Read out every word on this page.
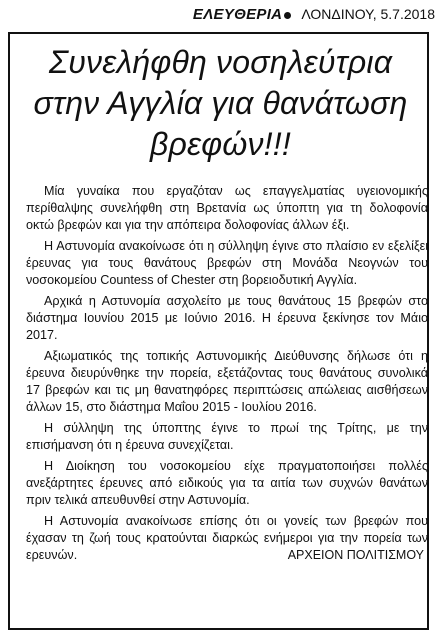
ΕΛΕΥΘΕΡΙΑ	ΛΟΝΔΙΝΟΥ, 5.7.2018
Συνελήφθη νοσηλεύτρια
στην Αγγλία για θανάτωση
βρεφών!!!

Μία γυναίκα που εργαζόταν ως επαγγελματίας υγειονομικής περίθαλψης συνελήφθη στη Βρετανία ως ύποπτη για τη δολοφονία οκτώ βρεφών και για την απόπειρα δολοφονίας άλλων έξι.

Η Αστυνομία ανακοίνωσε ότι η σύλληψη έγινε στο πλαίσιο εν εξελίξει έρευνας για τους θανάτους βρεφών στη Μονάδα Νεογνών του νοσοκομείου Countess of Chester στη βορειοδυτική Αγγλία.

Αρχικά η Αστυνομία ασχολείτο με τους θανάτους 15 βρεφών στο διάστημα Ιουνίου 2015 με Ιούνιο 2016. Η έρευνα ξεκίνησε τον Μάιο 2017.

Αξιωματικός της τοπικής Αστυνομικής Διεύθυνσης δήλωσε ότι η έρευνα διευρύνθηκε την πορεία, εξετάζοντας τους θανάτους συνολικά 17 βρεφών και τις μη θανατηφόρες περιπτώσεις απώλειας αισθήσεων άλλων 15, στο διάστημα Μαΐου 2015 - Ιουλίου 2016.

Η σύλληψη της ύποπτης έγινε το πρωί της Τρίτης, με την επισήμανση ότι η έρευνα συνεχίζεται.

Η Διοίκηση του νοσοκομείου είχε πραγματοποιήσει πολλές ανεξάρτητες έρευνες από ειδικούς για τα αιτία των συχνών θανάτων πριν τελικά απευθυνθεί στην Αστυνομία.

Η Αστυνομία ανακοίνωσε επίσης ότι οι γονείς των βρεφών που έχασαν τη ζωή τους κρατούνται διαρκώς ενήμεροι για την πορεία των ερευνών.	ΑΡΧΕΙΟΝ ΠΟΛΙΤΙΣΜΟΥ
